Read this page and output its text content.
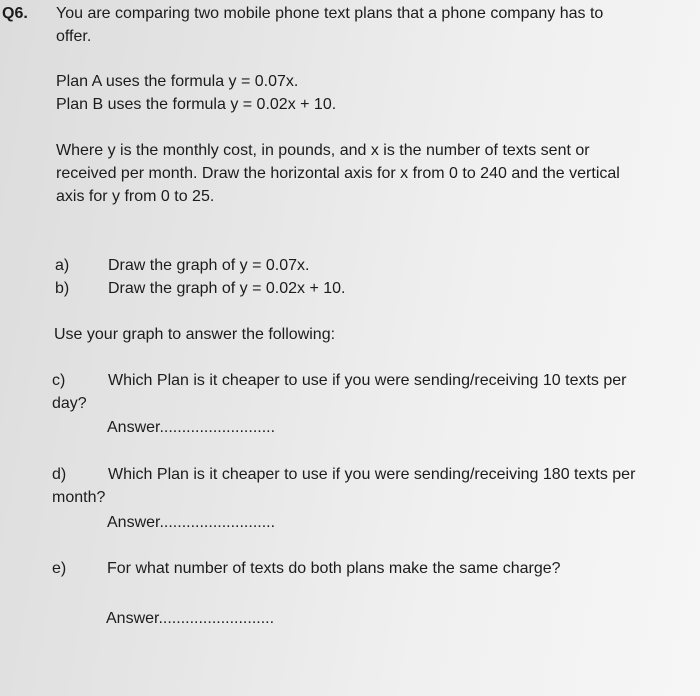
Q6. You are comparing two mobile phone text plans that a phone company has to
offer.
Plan A uses the formula y = 0.07x.
Plan B uses the formula y = 0.02x + 10.
Where y is the monthly cost, in pounds, and x is the number of texts sent or
received per month. Draw the horizontal axis for x from 0 to 240 and the vertical
axis for y from 0 to 25.
a) Draw the graph of y = 0.07x.
b) Draw the graph of y = 0.02x + 10.
Use your graph to answer the following:
c)	Which Plan is it cheaper to use if you were sending/receiving 10 texts per
day?
Answer..........................
d)	Which Plan is it cheaper to use if you were sending/receiving 180 texts per
month?
Answer..........................
e)	For what number of texts do both plans make the same charge?
Answer..........................
